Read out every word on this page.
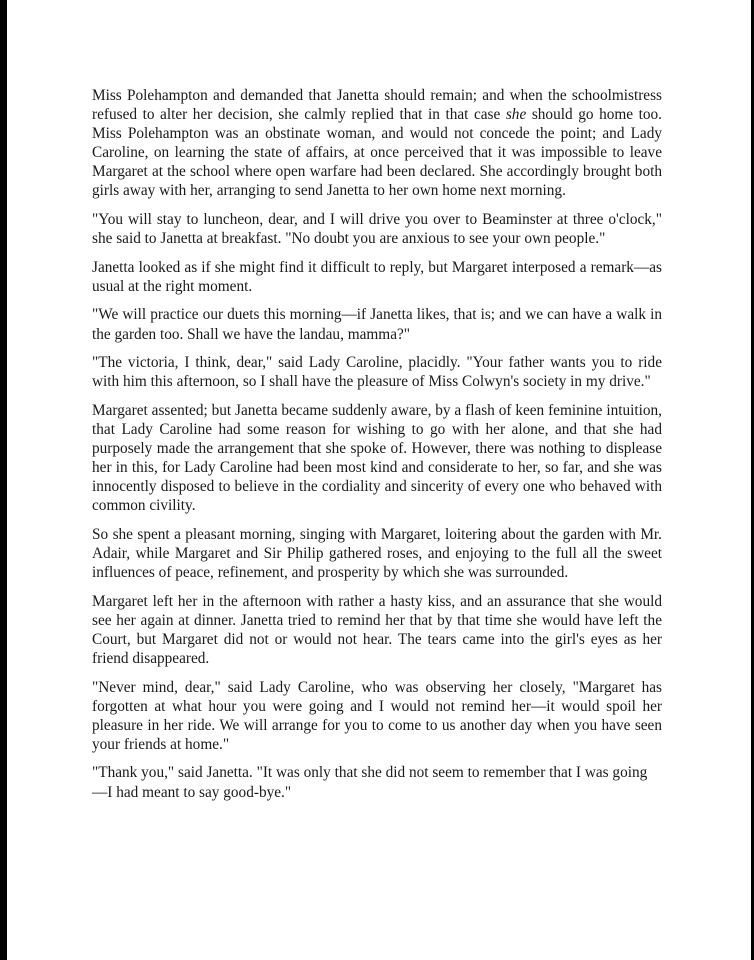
Miss Polehampton and demanded that Janetta should remain; and when the schoolmistress refused to alter her decision, she calmly replied that in that case she should go home too. Miss Polehampton was an obstinate woman, and would not concede the point; and Lady Caroline, on learning the state of affairs, at once perceived that it was impossible to leave Margaret at the school where open warfare had been declared. She accordingly brought both girls away with her, arranging to send Janetta to her own home next morning.

"You will stay to luncheon, dear, and I will drive you over to Beaminster at three o'clock," she said to Janetta at breakfast. "No doubt you are anxious to see your own people."

Janetta looked as if she might find it difficult to reply, but Margaret interposed a remark—as usual at the right moment.

"We will practice our duets this morning—if Janetta likes, that is; and we can have a walk in the garden too. Shall we have the landau, mamma?"

"The victoria, I think, dear," said Lady Caroline, placidly. "Your father wants you to ride with him this afternoon, so I shall have the pleasure of Miss Colwyn's society in my drive."

Margaret assented; but Janetta became suddenly aware, by a flash of keen feminine intuition, that Lady Caroline had some reason for wishing to go with her alone, and that she had purposely made the arrangement that she spoke of. However, there was nothing to displease her in this, for Lady Caroline had been most kind and considerate to her, so far, and she was innocently disposed to believe in the cordiality and sincerity of every one who behaved with common civility.

So she spent a pleasant morning, singing with Margaret, loitering about the garden with Mr. Adair, while Margaret and Sir Philip gathered roses, and enjoying to the full all the sweet influences of peace, refinement, and prosperity by which she was surrounded.

Margaret left her in the afternoon with rather a hasty kiss, and an assurance that she would see her again at dinner. Janetta tried to remind her that by that time she would have left the Court, but Margaret did not or would not hear. The tears came into the girl's eyes as her friend disappeared.

"Never mind, dear," said Lady Caroline, who was observing her closely, "Margaret has forgotten at what hour you were going and I would not remind her—it would spoil her pleasure in her ride. We will arrange for you to come to us another day when you have seen your friends at home."

"Thank you," said Janetta. "It was only that she did not seem to remember that I was going—I had meant to say good-bye."
